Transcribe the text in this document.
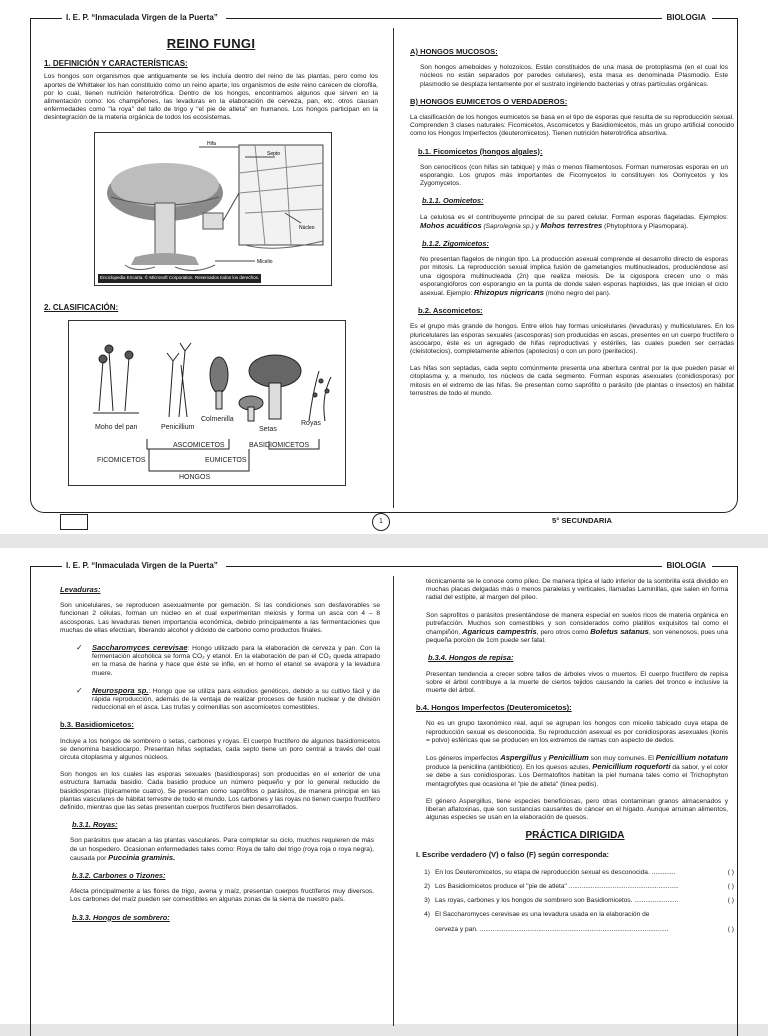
I. E. P. “Inmaculada Virgen de la Puerta”	BIOLOGIA
REINO FUNGI
1. DEFINICIÓN Y CARACTERÍSTICAS:

Los hongos son organismos que antiguamente se les incluía dentro del reino de las plantas, pero como los aportes de Whittaker los han constituido como un reino aparte; los organismos de este reino carecen de clorofila, por lo cual, tienen nutrición heterotrófica. Dentro de los hongos, encontramos algunos que sirven en la alimentación como: los champiñones, las levaduras en la elaboración de cerveza, pan, etc. otros causan enfermedades como "la roya" del tallo de trigo y "el pie de atleta" en humanos. Los hongos participan en la desintegración de la materia orgánica de todos los ecosistemas.

Hifa
Septo
Núcleo
Micelio
Enciclopedia Encarta. © Microsoft Corporation. Reservados todos los derechos.
2. CLASIFICACIÓN:
Moho del pan	Penicillium
Colmenilla
Setas
Royas
ASCOMICETOS	BASIDIOMICETOS
EUMICETOS
FICOMICETOS
HONGOS
A) HONGOS MUCOSOS:

Son hongos ameboides y holozoicos. Están constituidos de una masa de protoplasma (en el cual los núcleos no están separados por paredes celulares), esta masa es denominada Plasmodio. Este plasmodio se desplaza lentamente por el sustrato ingiriendo bacterias y otras partículas orgánicas.

B) HONGOS EUMICETOS O VERDADEROS:

La clasificación de los hongos eumicetos se basa en el tipo de esporas que resulta de su reproducción sexual. Comprenden 3 clases naturales: Ficomicetos, Ascomicetos y Basidiomicetos, más un grupo artificial conocido como los Hongos Imperfectos (deuteromicetos). Tienen nutrición heterotrófica absortiva.

b.1. Ficomicetos (hongos algales):

Son cenocíticos (con hifas sin tabique) y más o menos filamentosos. Forman numerosas esporas en un esporangio. Los grupos más importantes de Ficomycetos lo constituyen los Oomycetos y los Zygomycetos.

b.1.1. Oomicetos:

La celulosa es el contribuyente principal de su pared celular. Forman esporas flageladas. Ejemplos: Mohos acuáticos (Saprolegnia sp.) y Mohos terrestres (Phytophtora y Plasmopara).

b.1.2. Zigomicetos:

No presentan flagelos de ningún tipo. La producción asexual comprende el desarrollo directo de esporas por mitosis. La reproducción sexual implica fusión de gametangios multinucleados, produciéndose así una cigospora multinucleada (2n) que realiza meiosis. De la cigospora crecen uno o más esporangióforos con esporangio en la punta de donde salen esporas haploides, las que inician el ciclo asexual. Ejemplo: Rhizopus nigricans (moho negro del pan).

b.2. Ascomicetos:

Es el grupo más grande de hongos. Entre ellos hay formas unicelulares (levaduras) y multicelulares. En los pluricelulares las esporas sexuales (ascosporas) son producidas en ascas, presentes en un cuerpo fructífero o ascocarpo, éste es un agregado de hifas reproductivas y estériles, las cuales pueden ser cerradas (cleistotecios), completamente abiertos (apotecios) o con un poro (peritecios).

Las hifas son septadas, cada septo comúnmente presenta una abertura central por la que pueden pasar el citoplasma y, a menudo, los núcleos de cada segmento. Forman esporas asexuales (conidiosporas) por mitosis en el extremo de las hifas. Se presentan como saprófito o parásito (de plantas o insectos) en hábitat terrestres de todo el mundo.

1	5° SECUNDARIA
I. E. P. “Inmaculada Virgen de la Puerta”	BIOLOGIA
Levaduras:

Son unicelulares, se reproducen asexualmente por gemación. Si las condiciones son desfavorables se funcionan 2 células, forman un núcleo en el cual experimentan meiosis y forma un asca con 4 – 8 ascosporas. Las levaduras tienen importancia económica, debido principalmente a las fermentaciones que muchas de ellas efectúan, liberando alcohol y dióxido de carbono como productos finales.

✓ Saccharomyces cerevisae: Hongo utilizado para la elaboración de cerveza y pan. Con la fermentación alcohólica se forma CO₂ y etanol. En la elaboración de pan el CO₂ queda atrapado en la masa de harina y hace que éste se infle, en el horno el etanol se evapora y la levadura muere.
✓ Neurospora sp.: Hongo que se utiliza para estudios genéticos, debido a su cultivo fácil y de rápida reproducción, además de la ventaja de realizar procesos de fusión nuclear y de división reduccional en el asca. Las trufas y colmenillas son ascomicetos comestibles.
b.3. Basidiomicetos:

Incluye a los hongos de sombrero o setas, carbones y royas. El cuerpo fructífero de algunos basidiomicetos se denomina basidiocarpo. Presentan hifas septadas, cada septo tiene un poro central a través del cual circula citoplasma y algunos núcleos.

Son hongos en los cuales las esporas sexuales (basidiosporas) son producidas en el exterior de una estructura llamada basidio. Cada basidio produce un número pequeño y por lo general reducido de basidiosporas (típicamente cuatro). Se presentan como saprófitos o parásitos, de manera principal en las plantas vasculares de hábitat terrestre de todo el mundo. Los carbones y las royas no tienen cuerpo fructífero definido, mientras que las setas presentan cuerpos fructíferos bien desarrollados.

b.3.1. Royas:

Son parásitos que atacan a las plantas vasculares. Para completar su ciclo, muchos requieren de más de un hospedero. Ocasionan enfermedades tales como: Roya de tallo del trigo (roya roja o roya negra), causada por Puccinia graminis.

b.3.2. Carbones o Tizones:

Afecta principalmente a las flores de trigo, avena y maíz, presentan cuerpos fructíferos muy diversos. Los carbones del maíz pueden ser comestibles en algunas zonas de la sierra de nuestro país.

b.3.3. Hongos de sombrero:

técnicamente se le conoce como píleo. De manera típica el lado inferior de la sombrilla está dividido en muchas placas delgadas más o menos paralelas y verticales, llamadas Laminillas, que salen en forma radial del estípite, al margen del píleo.

Son saprofitos o parásitos presentándose de manera especial en suelos ricos de materia orgánica en putrefacción. Muchos son comestibles y son considerados como platillos exquisitos tal como el champiñón, Agaricus campestris, pero otros como Boletus satanus, son venenosos, pues una pequeña porción de 1cm puede ser fatal.

b.3.4. Hongos de repisa:

Presentan tendencia a crecer sobre tallos de árboles vivos o muertos. El cuerpo fructífero de repisa sobre el árbol contribuye a la muerte de ciertos tejidos causando la caries del tronco e inclusive la muerte del árbol.

b.4. Hongos Imperfectos (Deuteromicetos):

No es un grupo taxonómico real, aquí se agrupan los hongos con micelio tabicado cuya etapa de reproducción sexual es desconocida. Su reproducción asexual es por conidiosporas asexuales (konis = polvo) esféricas que se producen en los extremos de ramas con aspecto de dedos.

Los géneros imperfectos Aspergillus y Penicillium son muy comunes. El Penicillium notatum produce la penicilina (antibiótico). En los quesos azules, Penicillium roqueforti da sabor, y el color se debe a sus conidiosporas. Los Dermatofitos habitan la piel humana tales como el Trichophyton mentagrofytes que ocasiona el "pie de atleta" (tinea pedis).

El género Aspergillus, tiene especies beneficiosas, pero otras contaminan granos almacenados y liberan aflatoxinas, que son sustancias causantes de cáncer en el hígado. Aunque arruinan alimentos, algunas especies se usan en la elaboración de quesos.

PRÁCTICA DIRIGIDA
I. Escribe verdadero (V) o falso (F) según corresponda:
1) En los Deuteromicetos, su etapa de reproducción sexual es desconocida. .............	( )
2) Los Basidiomicetos produce el "pie de atleta" ............................................................	( )
3) Las royas, carbones y los hongos de sombrero son Basidiomicetos. ........................	( )
4) El Saccharomyces cerevisae es una levadura usada en la elaboración de
cerveza y pan. .......................................................................................................	( )
